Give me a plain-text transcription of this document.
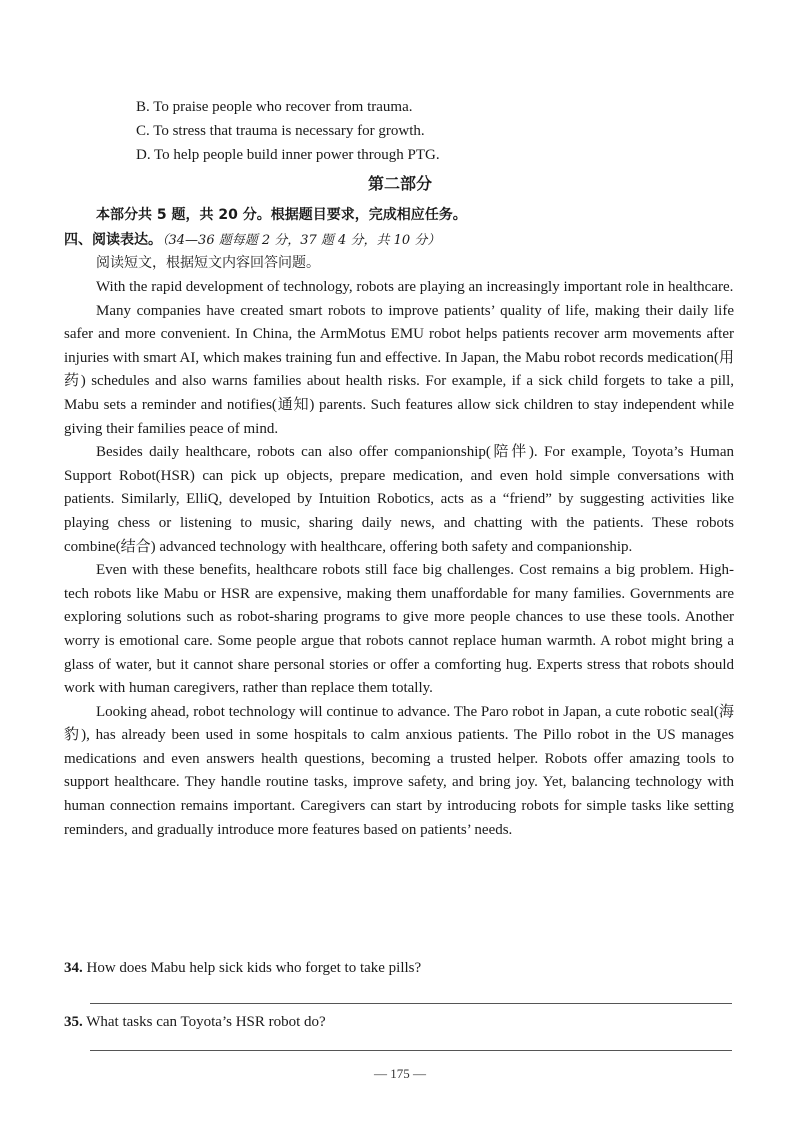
B. To praise people who recover from trauma.
C. To stress that trauma is necessary for growth.
D. To help people build inner power through PTG.
第二部分
本部分共 5 题，共 20 分。根据题目要求，完成相应任务。
四、阅读表达。（34—36 题每题 2 分，37 题 4 分，共 10 分）
阅读短文，根据短文内容回答问题。

With the rapid development of technology, robots are playing an increasingly important role in healthcare.

Many companies have created smart robots to improve patients’ quality of life, making their daily life safer and more convenient. In China, the ArmMotus EMU robot helps patients recover arm movements after injuries with smart AI, which makes training fun and effective. In Japan, the Mabu robot records medication(用药) schedules and also warns families about health risks. For example, if a sick child forgets to take a pill, Mabu sets a reminder and notifies(通知) parents. Such features allow sick children to stay independent while giving their families peace of mind.

Besides daily healthcare, robots can also offer companionship(陪伴). For example, Toyota’s Human Support Robot(HSR) can pick up objects, prepare medication, and even hold simple conversations with patients. Similarly, ElliQ, developed by Intuition Robotics, acts as a “friend” by suggesting activities like playing chess or listening to music, sharing daily news, and chatting with the patients. These robots combine(结合) advanced technology with healthcare, offering both safety and companionship.

Even with these benefits, healthcare robots still face big challenges. Cost remains a big problem. High-tech robots like Mabu or HSR are expensive, making them unaffordable for many families. Governments are exploring solutions such as robot-sharing programs to give more people chances to use these tools. Another worry is emotional care. Some people argue that robots cannot replace human warmth. A robot might bring a glass of water, but it cannot share personal stories or offer a comforting hug. Experts stress that robots should work with human caregivers, rather than replace them totally.

Looking ahead, robot technology will continue to advance. The Paro robot in Japan, a cute robotic seal(海豹), has already been used in some hospitals to calm anxious patients. The Pillo robot in the US manages medications and even answers health questions, becoming a trusted helper. Robots offer amazing tools to support healthcare. They handle routine tasks, improve safety, and bring joy. Yet, balancing technology with human connection remains important. Caregivers can start by introducing robots for simple tasks like setting reminders, and gradually introduce more features based on patients’ needs.

34. How does Mabu help sick kids who forget to take pills?
35. What tasks can Toyota’s HSR robot do?
— 175 —
